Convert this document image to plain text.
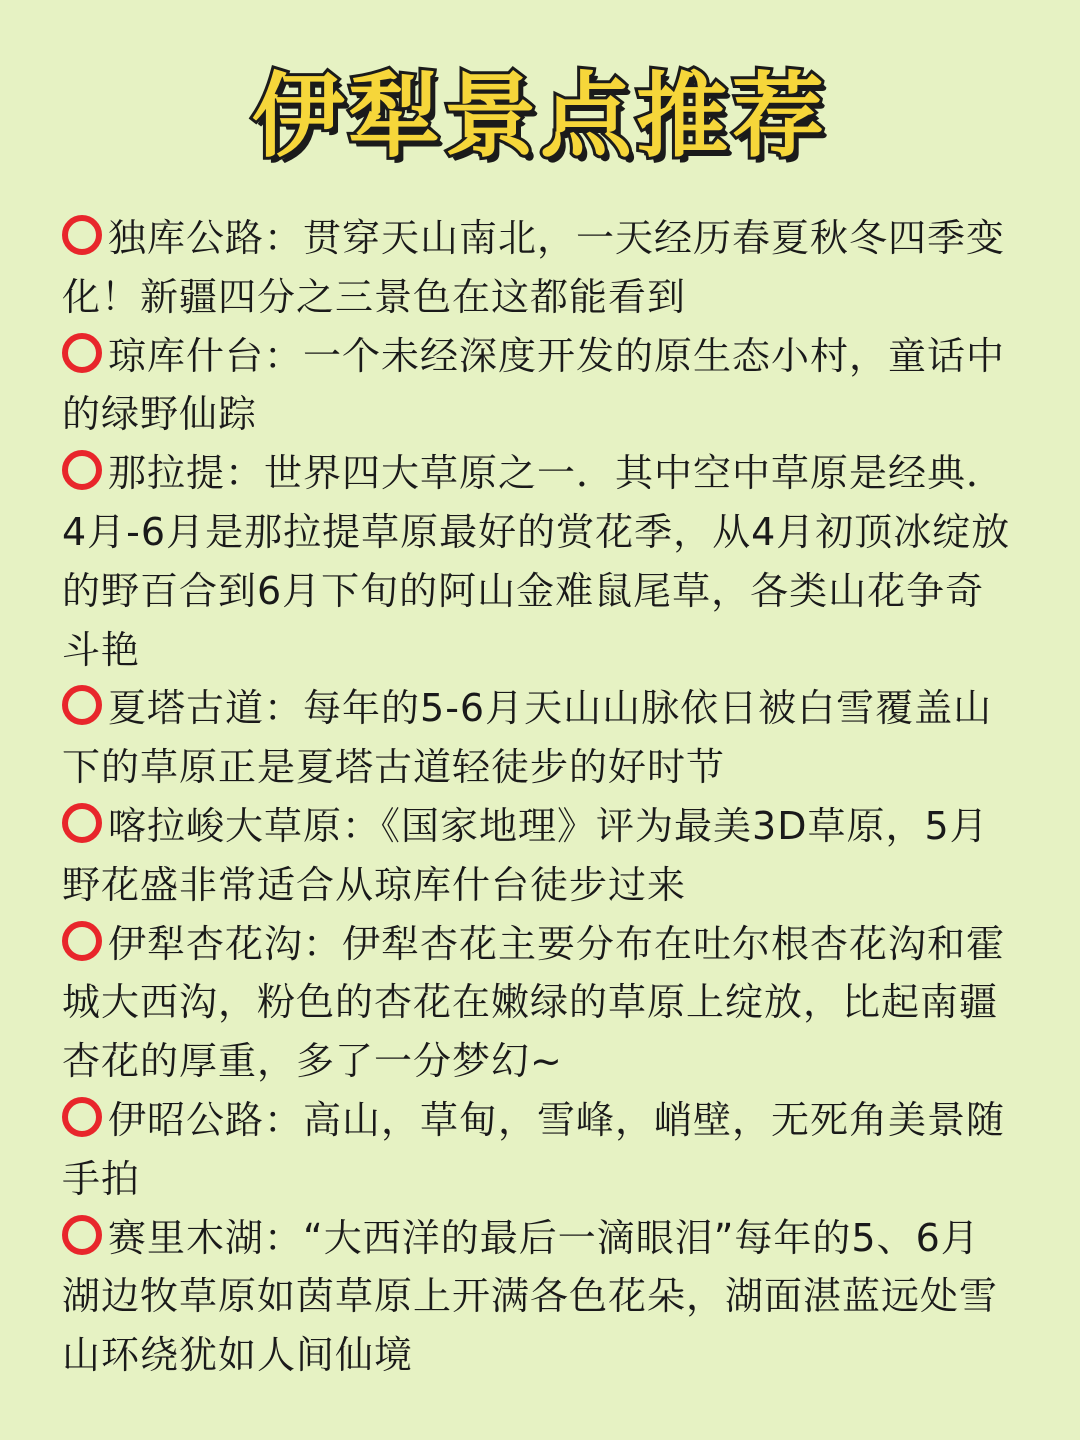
伊犁景点推荐

独库公路：贯穿天山南北，一天经历春夏秋冬四季变化！新疆四分之三景色在这都能看到

琼库什台：一个未经深度开发的原生态小村，童话中的绿野仙踪

那拉提：世界四大草原之一．其中空中草原是经典．4月-6月是那拉提草原最好的赏花季，从4月初顶冰绽放的野百合到6月下旬的阿山金难鼠尾草，各类山花争奇斗艳

夏塔古道：每年的5-6月天山山脉依日被白雪覆盖山下的草原正是夏塔古道轻徒步的好时节

喀拉峻大草原：《国家地理》评为最美3D草原，5月野花盛非常适合从琼库什台徒步过来

伊犁杏花沟：伊犁杏花主要分布在吐尔根杏花沟和霍城大西沟，粉色的杏花在嫩绿的草原上绽放，比起南疆杏花的厚重，多了一分梦幻~

伊昭公路：高山，草甸，雪峰，峭壁，无死角美景随手拍

赛里木湖：“大西洋的最后一滴眼泪”每年的5、6月湖边牧草原如茵草原上开满各色花朵，湖面湛蓝远处雪山环绕犹如人间仙境
